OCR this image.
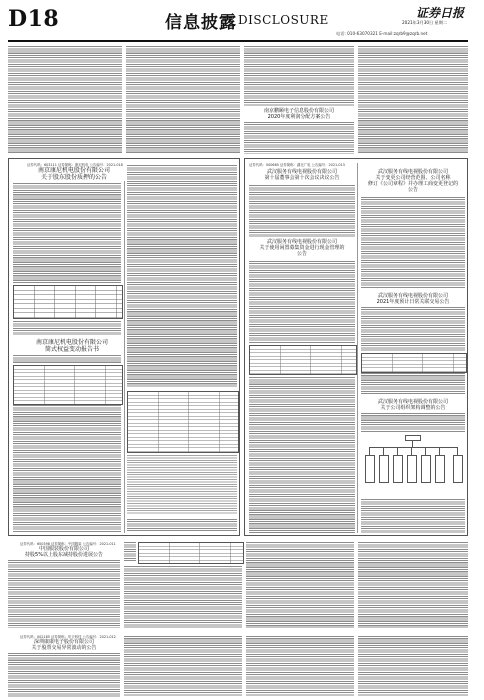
D18	信息披露 DISCLOSURE
电话: 010-63070321 E-mail:zqrb9@zqrb.net
证券日报
2021年3月30日 星期二
南京鹏颐电子信息股份有限公司
2020年度利润分配方案公告
证券代码：603111 证券简称：康尼机电 公告编号：2021-018
南京康尼机电股份有限公司
关于股东股份质押的公告
南京康尼机电股份有限公司
简式权益变动报告书
证券代码：000665 证券简称：湖北广电 公告编号：2021-013
武汉服务有线电视股份有限公司
第十届董事会第十次会议决议公告
武汉服务有线电视股份有限公司
关于使用闲置募集资金进行现金管理的
公告
武汉服务有线电视股份有限公司
关于变更公司经营范围、公司名称
修订《公司章程》并办理工商变更登记的
公告
武汉服务有线电视股份有限公司
2021年度预计日常关联交易公告
武汉服务有线电视股份有限公司
关于公司组织架构调整的公告
证券代码：600398 证券简称：中国服装 公告编号：2021-011
中国服装股份有限公司
持股5%以上股东减持股份进展公告
证券代码：002185 证券简称：华天科技 公告编号：2021-012
深圳康康电子股份有限公司
关于股票交易异常波动的公告
